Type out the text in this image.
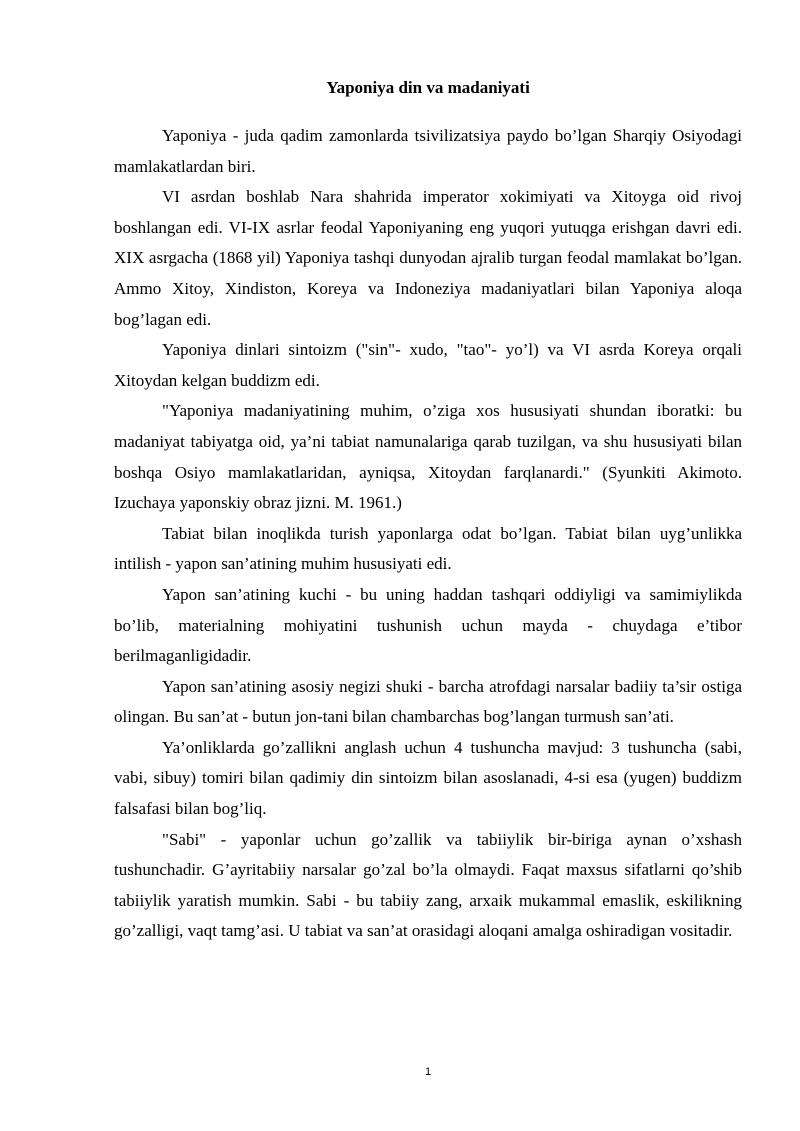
Yaponiya din va madaniyati

Yaponiya - juda qadim zamonlarda tsivilizatsiya paydo bo’lgan Sharqiy Osiyodagi mamlakatlardan biri.

VI asrdan boshlab Nara shahrida imperator xokimiyati va Xitoyga oid rivoj boshlangan edi. VI-IX asrlar feodal Yaponiyaning eng yuqori yutuqga erishgan davri edi. XIX asrgacha (1868 yil) Yaponiya tashqi dunyodan ajralib turgan feodal mamlakat bo’lgan. Ammo Xitoy, Xindiston, Koreya va Indoneziya madaniyatlari bilan Yaponiya aloqa bog’lagan edi.

Yaponiya dinlari sintoizm ("sin"- xudo, "tao"- yo’l) va VI asrda Koreya orqali Xitoydan kelgan buddizm edi.

"Yaponiya madaniyatining muhim, o’ziga xos hususiyati shundan iboratki: bu madaniyat tabiyatga oid, ya’ni tabiat namunalariga qarab tuzilgan, va shu hususiyati bilan boshqa Osiyo mamlakatlaridan, ayniqsa, Xitoydan farqlanardi." (Syunkiti Akimoto. Izuchaya yaponskiy obraz jizni. M. 1961.)

Tabiat bilan inoqlikda turish yaponlarga odat bo’lgan. Tabiat bilan uyg’unlikka intilish - yapon san’atining muhim hususiyati edi.

Yapon san’atining kuchi - bu uning haddan tashqari oddiyligi va samimiylikda bo’lib, materialning mohiyatini tushunish uchun mayda - chuydaga e’tibor berilmaganligidadir.

Yapon san’atining asosiy negizi shuki - barcha atrofdagi narsalar badiiy ta’sir ostiga olingan. Bu san’at - butun jon-tani bilan chambarchas bog’langan turmush san’ati.

Ya’onliklarda go’zallikni anglash uchun 4 tushuncha mavjud: 3 tushuncha (sabi, vabi, sibuy) tomiri bilan qadimiy din sintoizm bilan asoslanadi, 4-si esa (yugen) buddizm falsafasi bilan bog’liq.

"Sabi" - yaponlar uchun go’zallik va tabiiylik bir-biriga aynan o’xshash tushunchadir. G’ayritabiiy narsalar go’zal bo’la olmaydi. Faqat maxsus sifatlarni qo’shib tabiiylik yaratish mumkin. Sabi - bu tabiiy zang, arxaik mukammal emaslik, eskilikning go’zalligi, vaqt tamg’asi. U tabiat va san’at orasidagi aloqani amalga oshiradigan vositadir.

1
